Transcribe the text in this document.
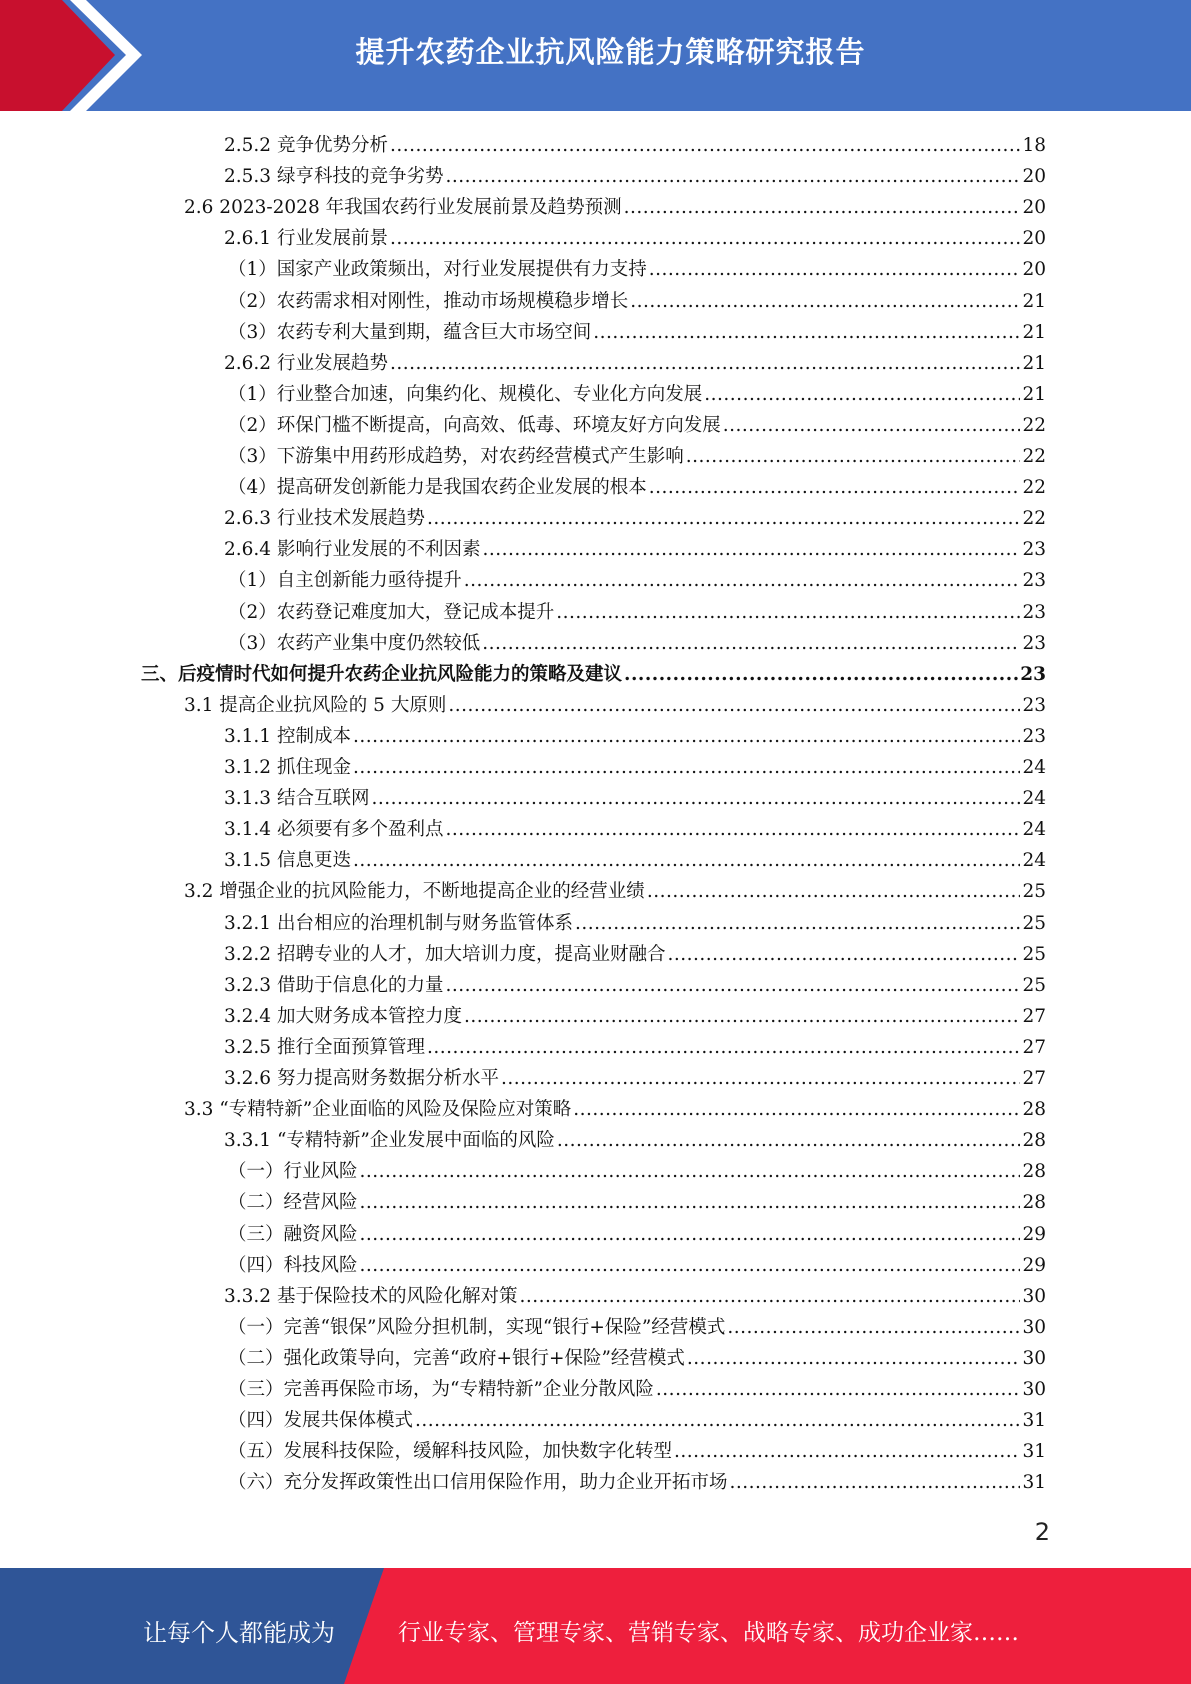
提升农药企业抗风险能力策略研究报告
2.5.2 竞争优势分析 .....	18
2.5.3 绿亨科技的竞争劣势 .....	20
2.6 2023-2028 年我国农药行业发展前景及趋势预测 .....	20
2.6.1 行业发展前景 .....	20
（1）国家产业政策频出，对行业发展提供有力支持 .....	20
（2）农药需求相对刚性，推动市场规模稳步增长 .....	21
（3）农药专利大量到期，蕴含巨大市场空间 .....	21
2.6.2 行业发展趋势 .....	21
（1）行业整合加速，向集约化、规模化、专业化方向发展 .....	21
（2）环保门槛不断提高，向高效、低毒、环境友好方向发展 .....	22
（3）下游集中用药形成趋势，对农药经营模式产生影响 .....	22
（4）提高研发创新能力是我国农药企业发展的根本 .....	22
2.6.3 行业技术发展趋势 .....	22
2.6.4 影响行业发展的不利因素 .....	23
（1）自主创新能力亟待提升 .....	23
（2）农药登记难度加大，登记成本提升 .....	23
（3）农药产业集中度仍然较低 .....	23
三、后疫情时代如何提升农药企业抗风险能力的策略及建议 .....	23
3.1 提高企业抗风险的 5 大原则 .....	23
3.1.1 控制成本 .....	23
3.1.2 抓住现金 .....	24
3.1.3 结合互联网 .....	24
3.1.4 必须要有多个盈利点 .....	24
3.1.5 信息更迭 .....	24
3.2 增强企业的抗风险能力，不断地提高企业的经营业绩 .....	25
3.2.1 出台相应的治理机制与财务监管体系 .....	25
3.2.2 招聘专业的人才，加大培训力度，提高业财融合 .....	25
3.2.3 借助于信息化的力量 .....	25
3.2.4 加大财务成本管控力度 .....	27
3.2.5 推行全面预算管理 .....	27
3.2.6 努力提高财务数据分析水平 .....	27
3.3 “专精特新”企业面临的风险及保险应对策略 .....	28
3.3.1 “专精特新”企业发展中面临的风险 .....	28
（一）行业风险 .....	28
（二）经营风险 .....	28
（三）融资风险 .....	29
（四）科技风险 .....	29
3.3.2 基于保险技术的风险化解对策 .....	30
（一）完善“银保”风险分担机制，实现“银行+保险”经营模式 .....	30
（二）强化政策导向，完善“政府+银行+保险”经营模式 .....	30
（三）完善再保险市场，为“专精特新”企业分散风险 .....	30
（四）发展共保体模式 .....	31
（五）发展科技保险，缓解科技风险，加快数字化转型 .....	31
（六）充分发挥政策性出口信用保险作用，助力企业开拓市场 .....	31
2
让每个人都能成为	行业专家、管理专家、营销专家、战略专家、成功企业家……
